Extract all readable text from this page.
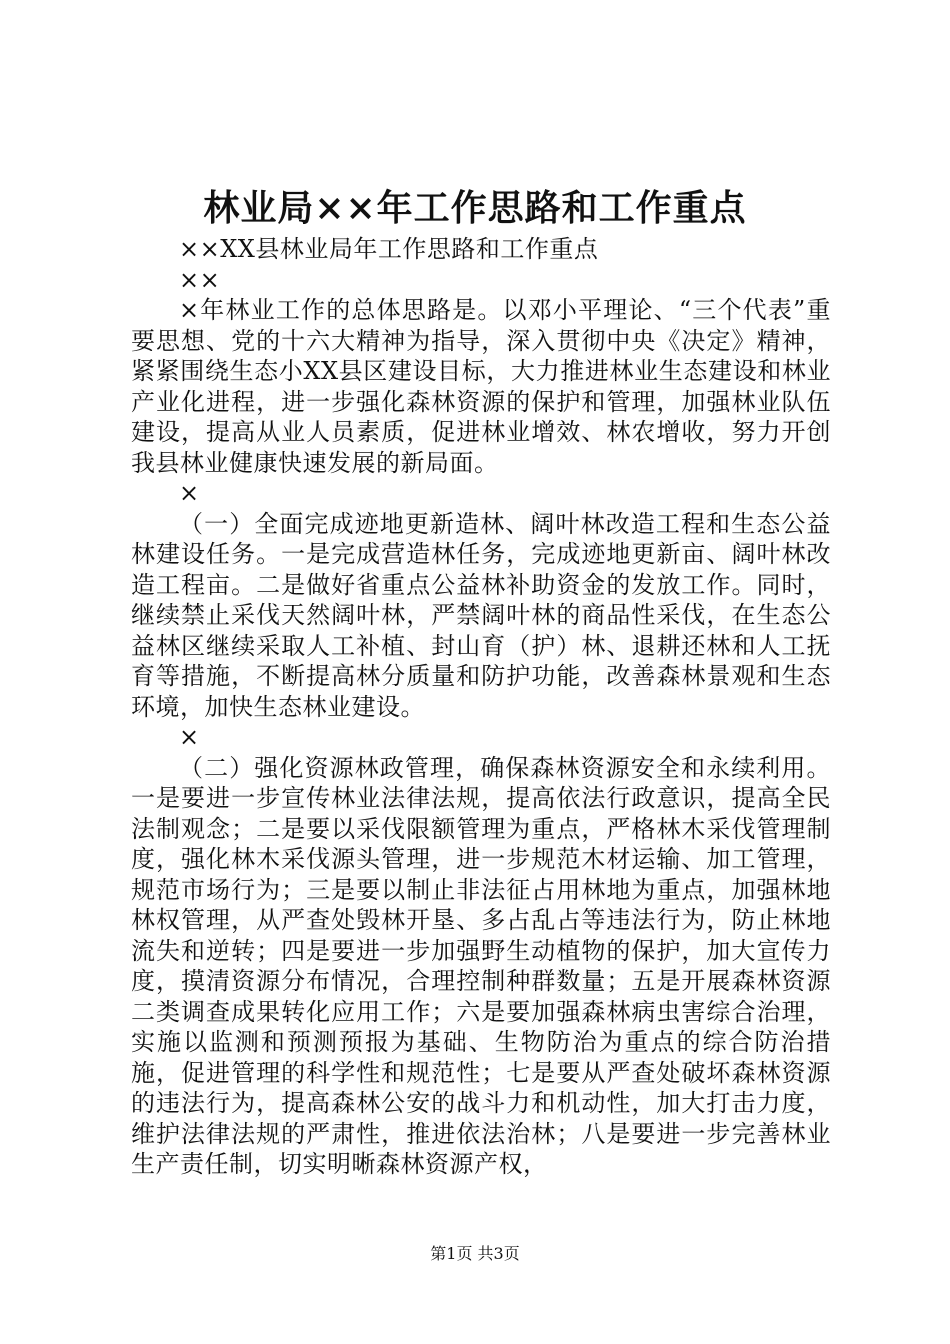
林业局××年工作思路和工作重点

××XX县林业局年工作思路和工作重点

××

×年林业工作的总体思路是。以邓小平理论、“三个代表”重要思想、党的十六大精神为指导，深入贯彻中央《决定》精神，紧紧围绕生态小XX县区建设目标，大力推进林业生态建设和林业产业化进程，进一步强化森林资源的保护和管理，加强林业队伍建设，提高从业人员素质，促进林业增效、林农增收，努力开创我县林业健康快速发展的新局面。

×

（一）全面完成迹地更新造林、阔叶林改造工程和生态公益林建设任务。一是完成营造林任务，完成迹地更新亩、阔叶林改造工程亩。二是做好省重点公益林补助资金的发放工作。同时，继续禁止采伐天然阔叶林，严禁阔叶林的商品性采伐，在生态公益林区继续采取人工补植、封山育（护）林、退耕还林和人工抚育等措施，不断提高林分质量和防护功能，改善森林景观和生态环境，加快生态林业建设。

×

（二）强化资源林政管理，确保森林资源安全和永续利用。一是要进一步宣传林业法律法规，提高依法行政意识，提高全民法制观念；二是要以采伐限额管理为重点，严格林木采伐管理制度，强化林木采伐源头管理，进一步规范木材运输、加工管理，规范市场行为；三是要以制止非法征占用林地为重点，加强林地林权管理，从严查处毁林开垦、多占乱占等违法行为，防止林地流失和逆转；四是要进一步加强野生动植物的保护，加大宣传力度，摸清资源分布情况，合理控制种群数量；五是开展森林资源二类调查成果转化应用工作；六是要加强森林病虫害综合治理，实施以监测和预测预报为基础、生物防治为重点的综合防治措施，促进管理的科学性和规范性；七是要从严查处破坏森林资源的违法行为，提高森林公安的战斗力和机动性，加大打击力度，维护法律法规的严肃性，推进依法治林；八是要进一步完善林业生产责任制，切实明晰森林资源产权，

第1页 共3页
